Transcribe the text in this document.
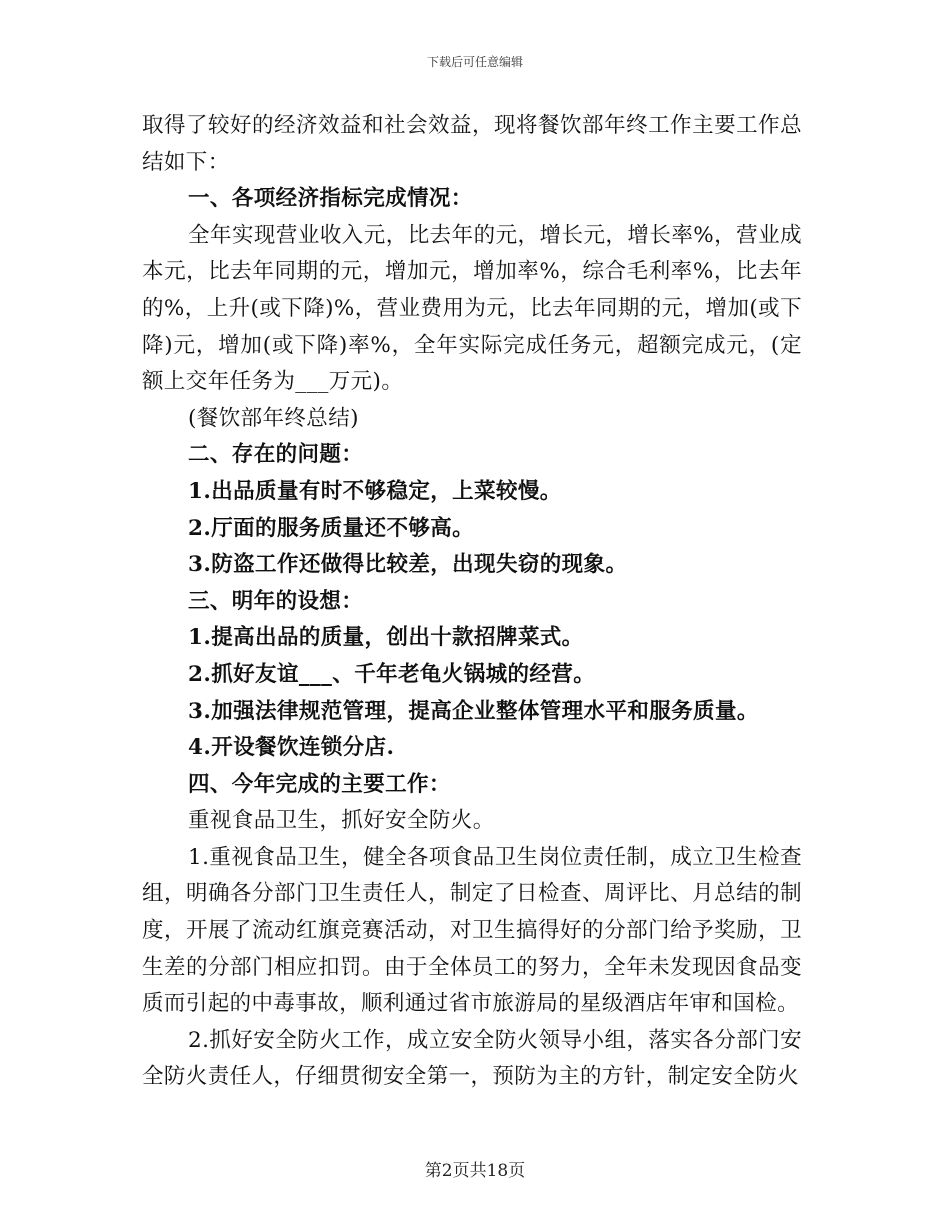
下载后可任意编辑

取得了较好的经济效益和社会效益，现将餐饮部年终工作主要工作总结如下：

一、各项经济指标完成情况：

全年实现营业收入元，比去年的元，增长元，增长率%，营业成本元，比去年同期的元，增加元，增加率%，综合毛利率%，比去年的%，上升(或下降)%，营业费用为元，比去年同期的元，增加(或下降)元，增加(或下降)率%，全年实际完成任务元，超额完成元，(定额上交年任务为___万元)。

(餐饮部年终总结)

二、存在的问题：

1.出品质量有时不够稳定，上菜较慢。

2.厅面的服务质量还不够高。

3.防盗工作还做得比较差，出现失窃的现象。

三、明年的设想：

1.提高出品的质量，创出十款招牌菜式。

2.抓好友谊___、千年老龟火锅城的经营。

3.加强法律规范管理，提高企业整体管理水平和服务质量。

4.开设餐饮连锁分店.

四、今年完成的主要工作：

重视食品卫生，抓好安全防火。

1.重视食品卫生，健全各项食品卫生岗位责任制，成立卫生检查组，明确各分部门卫生责任人，制定了日检查、周评比、月总结的制度，开展了流动红旗竞赛活动，对卫生搞得好的分部门给予奖励，卫生差的分部门相应扣罚。由于全体员工的努力，全年未发现因食品变质而引起的中毒事故，顺利通过省市旅游局的星级酒店年审和国检。

2.抓好安全防火工作，成立安全防火领导小组，落实各分部门安全防火责任人，仔细贯彻安全第一，预防为主的方针，制定安全防火

第2页共18页
